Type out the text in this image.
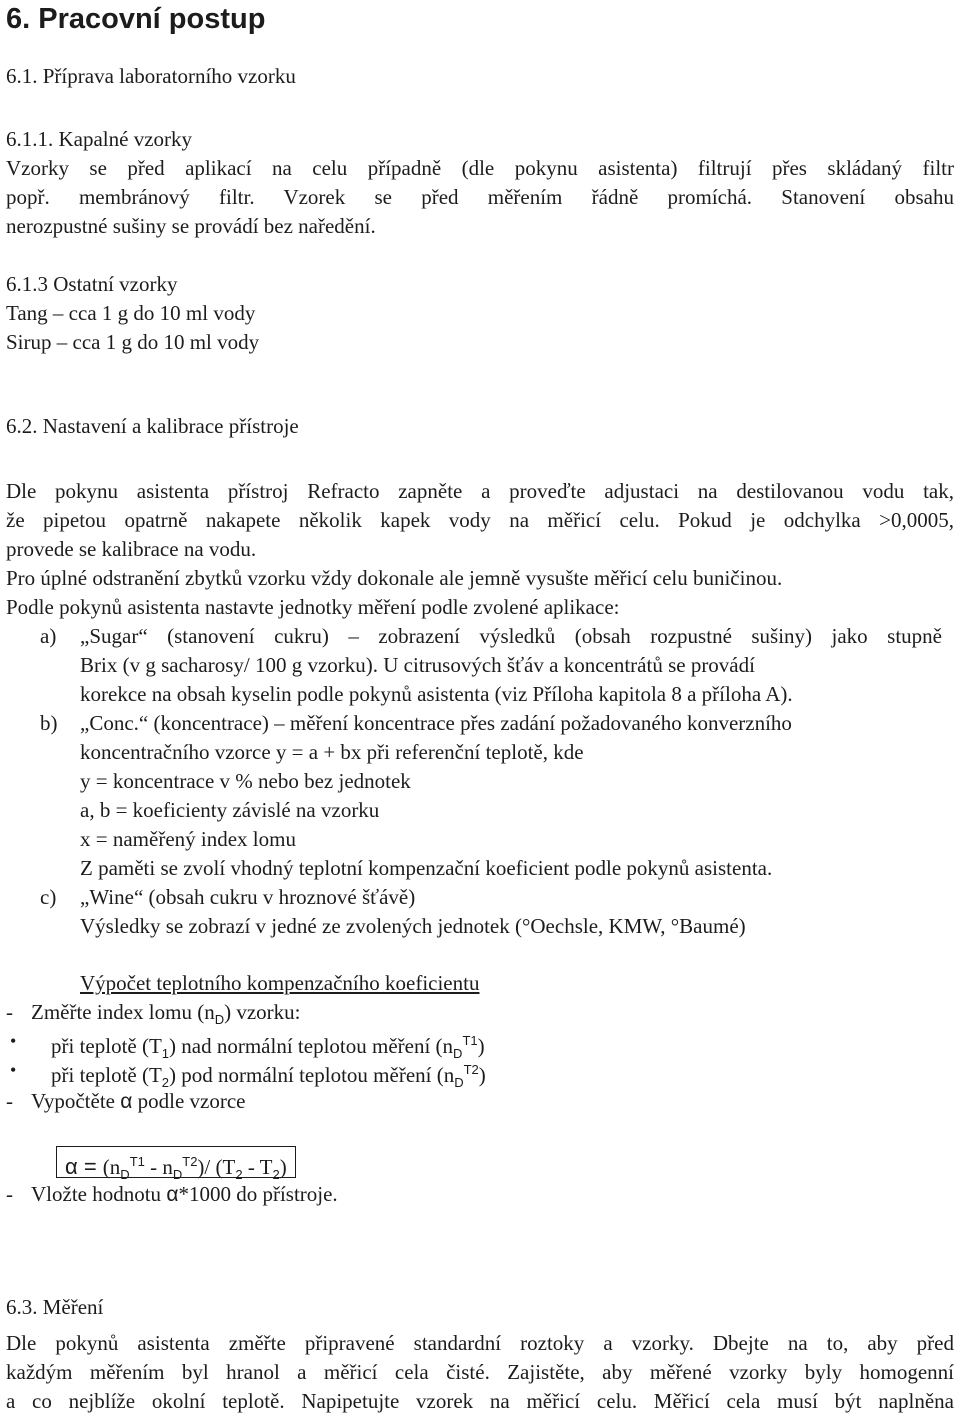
6. Pracovní postup
6.1. Příprava laboratorního vzorku
6.1.1. Kapalné vzorky
Vzorky se před aplikací na celu případně (dle pokynu asistenta) filtrují přes skládaný filtr
popř. membránový filtr. Vzorek se před měřením řádně promíchá. Stanovení obsahu
nerozpustné sušiny se provádí bez naředění.
6.1.3 Ostatní vzorky
Tang – cca 1 g do 10 ml vody
Sirup – cca 1 g do 10 ml vody
6.2. Nastavení a kalibrace přístroje
Dle pokynu asistenta přístroj Refracto zapněte a proveďte adjustaci na destilovanou vodu tak,
že pipetou opatrně nakapete několik kapek vody na měřicí celu. Pokud je odchylka >0,0005,
provede se kalibrace na vodu.
Pro úplné odstranění zbytků vzorku vždy dokonale ale jemně vysušte měřicí celu buničinou.
Podle pokynů asistenta nastavte jednotky měření podle zvolené aplikace:
a) „Sugar“ (stanovení cukru) – zobrazení výsledků (obsah rozpustné sušiny) jako stupně
Brix (v g sacharosy/ 100 g vzorku). U citrusových šťáv a koncentrátů se provádí
korekce na obsah kyselin podle pokynů asistenta (viz Příloha kapitola 8 a příloha A).
b) „Conc.“ (koncentrace) – měření koncentrace přes zadání požadovaného konverzního
koncentračního vzorce y = a + bx při referenční teplotě, kde
y = koncentrace v % nebo bez jednotek
a, b = koeficienty závislé na vzorku
x = naměřený index lomu
Z paměti se zvolí vhodný teplotní kompenzační koeficient podle pokynů asistenta.
c) „Wine“ (obsah cukru v hroznové šťávě)
Výsledky se zobrazí v jedné ze zvolených jednotek (°Oechsle, KMW, °Baumé)
Výpočet teplotního kompenzačního koeficientu
- Změřte index lomu $(n_D)$ vzorku:
• při teplotě $(T_1)$ nad normální teplotou měření $(n_D^{T1})$
• při teplotě $(T_2)$ pod normální teplotou měření $(n_D^{T2})$
- Vypočtěte α podle vzorce
$\alpha = (n_D^{T1} - n_D^{T2})/$ $(T_2 - T_2)$
- Vložte hodnotu α*1000 do přístroje.
6.3. Měření
Dle pokynů asistenta změřte připravené standardní roztoky a vzorky. Dbejte na to, aby před
každým měřením byl hranol a měřicí cela čisté. Zajistěte, aby měřené vzorky byly homogenní
a co nejblíže okolní teplotě. Napipetujte vzorek na měřicí celu. Měřicí cela musí být naplněna
